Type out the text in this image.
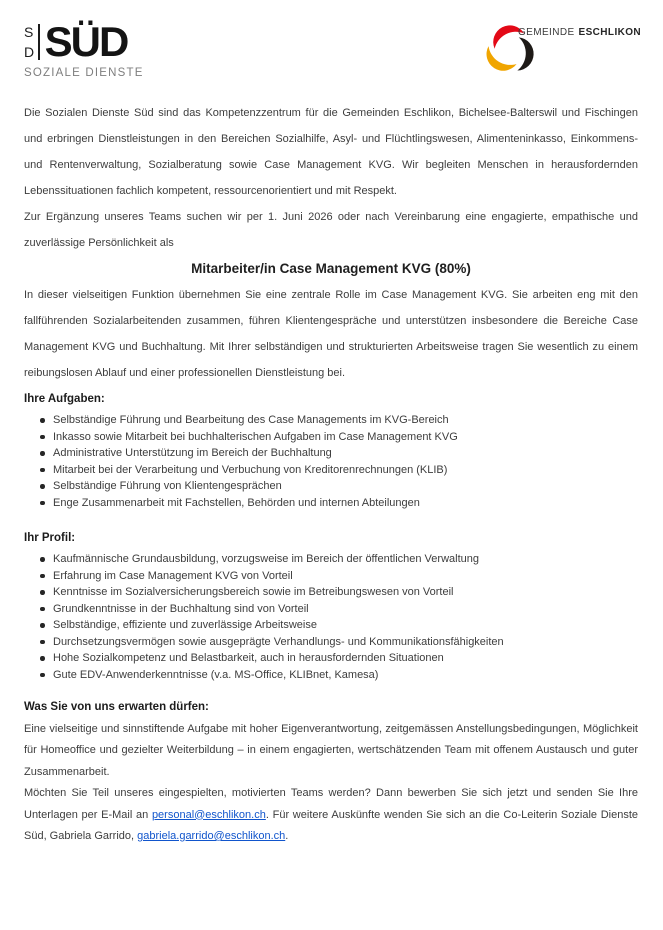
S
D SÜD
SOZIALE DIENSTE
GEMEINDE ESCHLIKON

Die Sozialen Dienste Süd sind das Kompetenzzentrum für die Gemeinden Eschlikon, Bichelsee-Balterswil und Fischingen und erbringen Dienstleistungen in den Bereichen Sozialhilfe, Asyl- und Flüchtlingswesen, Alimenteninkasso, Einkommens- und Rentenverwaltung, Sozialberatung sowie Case Management KVG. Wir begleiten Menschen in herausfordernden Lebenssituationen fachlich kompetent, ressourcenorientiert und mit Respekt.

Zur Ergänzung unseres Teams suchen wir per 1. Juni 2026 oder nach Vereinbarung eine engagierte, empathische und zuverlässige Persönlichkeit als

Mitarbeiter/in Case Management KVG (80%)

In dieser vielseitigen Funktion übernehmen Sie eine zentrale Rolle im Case Management KVG. Sie arbeiten eng mit den fallführenden Sozialarbeitenden zusammen, führen Klientengespräche und unterstützen insbesondere die Bereiche Case Management KVG und Buchhaltung. Mit Ihrer selbständigen und strukturierten Arbeitsweise tragen Sie wesentlich zu einem reibungslosen Ablauf und einer professionellen Dienstleistung bei.

Ihre Aufgaben:
Selbständige Führung und Bearbeitung des Case Managements im KVG-Bereich
Inkasso sowie Mitarbeit bei buchhalterischen Aufgaben im Case Management KVG
Administrative Unterstützung im Bereich der Buchhaltung
Mitarbeit bei der Verarbeitung und Verbuchung von Kreditorenrechnungen (KLIB)
Selbständige Führung von Klientengesprächen
Enge Zusammenarbeit mit Fachstellen, Behörden und internen Abteilungen
Ihr Profil:
Kaufmännische Grundausbildung, vorzugsweise im Bereich der öffentlichen Verwaltung
Erfahrung im Case Management KVG von Vorteil
Kenntnisse im Sozialversicherungsbereich sowie im Betreibungswesen von Vorteil
Grundkenntnisse in der Buchhaltung sind von Vorteil
Selbständige, effiziente und zuverlässige Arbeitsweise
Durchsetzungsvermögen sowie ausgeprägte Verhandlungs- und Kommunikationsfähigkeiten
Hohe Sozialkompetenz und Belastbarkeit, auch in herausfordernden Situationen
Gute EDV-Anwenderkenntnisse (v.a. MS-Office, KLIBnet, Kamesa)
Was Sie von uns erwarten dürfen:

Eine vielseitige und sinnstiftende Aufgabe mit hoher Eigenverantwortung, zeitgemässen Anstellungsbedingungen, Möglichkeit für Homeoffice und gezielter Weiterbildung – in einem engagierten, wertschätzenden Team mit offenem Austausch und guter Zusammenarbeit.

Möchten Sie Teil unseres eingespielten, motivierten Teams werden? Dann bewerben Sie sich jetzt und senden Sie Ihre Unterlagen per E-Mail an personal@eschlikon.ch. Für weitere Auskünfte wenden Sie sich an die Co-Leiterin Soziale Dienste Süd, Gabriela Garrido, gabriela.garrido@eschlikon.ch.
